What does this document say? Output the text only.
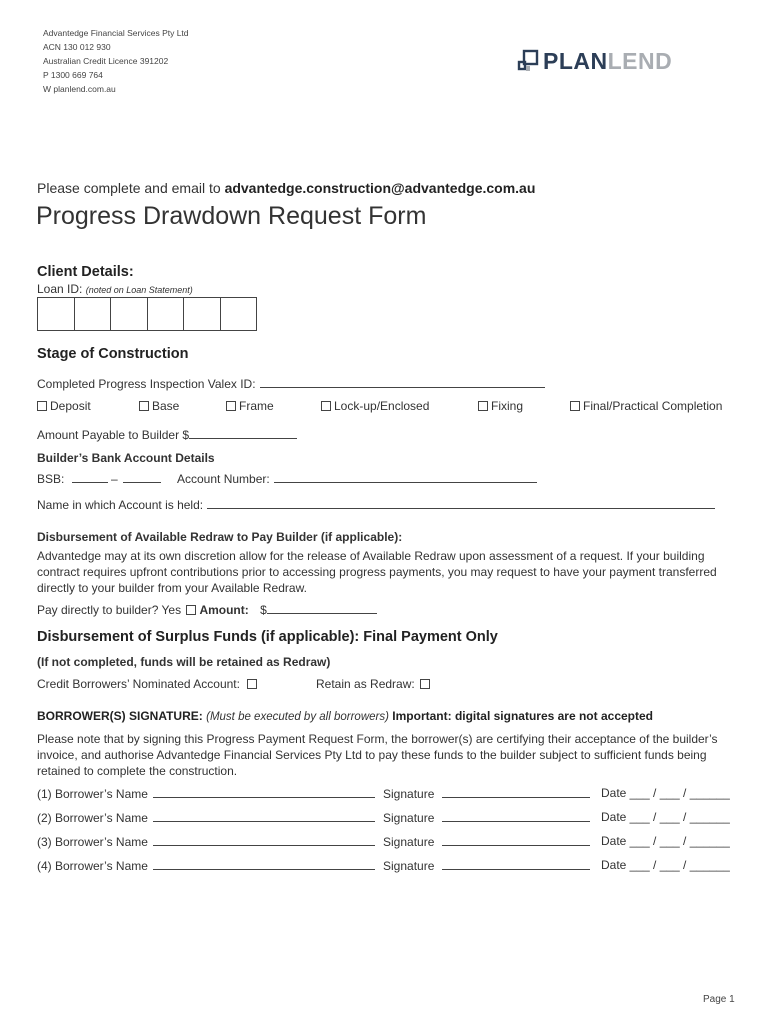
Advantedge Financial Services Pty Ltd
ACN 130 012 930
Australian Credit Licence 391202
P 1300 669 764
W planlend.com.au
PLANLEND
Please complete and email to advantedge.construction@advantedge.com.au
Progress Drawdown Request Form
Client Details:
Loan ID: (noted on Loan Statement)
Stage of Construction
Completed Progress Inspection Valex ID:
Deposit	Base	Frame	Lock-up/Enclosed	Fixing	Final/Practical Completion
Amount Payable to Builder $
Builder’s Bank Account Details
BSB:	–	Account Number:
Name in which Account is held:
Disbursement of Available Redraw to Pay Builder (if applicable):
Advantedge may at its own discretion allow for the release of Available Redraw upon assessment of a request. If your building contract requires upfront contributions prior to accessing progress payments, you may request to have your payment transferred directly to your builder from your Available Redraw.
Pay directly to builder? Yes Amount: $
Disbursement of Surplus Funds (if applicable): Final Payment Only
(If not completed, funds will be retained as Redraw)
Credit Borrowers’ Nominated Account:	Retain as Redraw:
BORROWER(S) SIGNATURE: (Must be executed by all borrowers) Important: digital signatures are not accepted
Please note that by signing this Progress Payment Request Form, the borrower(s) are certifying their acceptance of the builder’s invoice, and authorise Advantedge Financial Services Pty Ltd to pay these funds to the builder subject to sufficient funds being retained to complete the construction.
(1) Borrower’s Name	Signature	Date ___ / ___ / ______
(2) Borrower’s Name	Signature	Date ___ / ___ / ______
(3) Borrower’s Name	Signature	Date ___ / ___ / ______
(4) Borrower’s Name	Signature	Date ___ / ___ / ______
Page 1
